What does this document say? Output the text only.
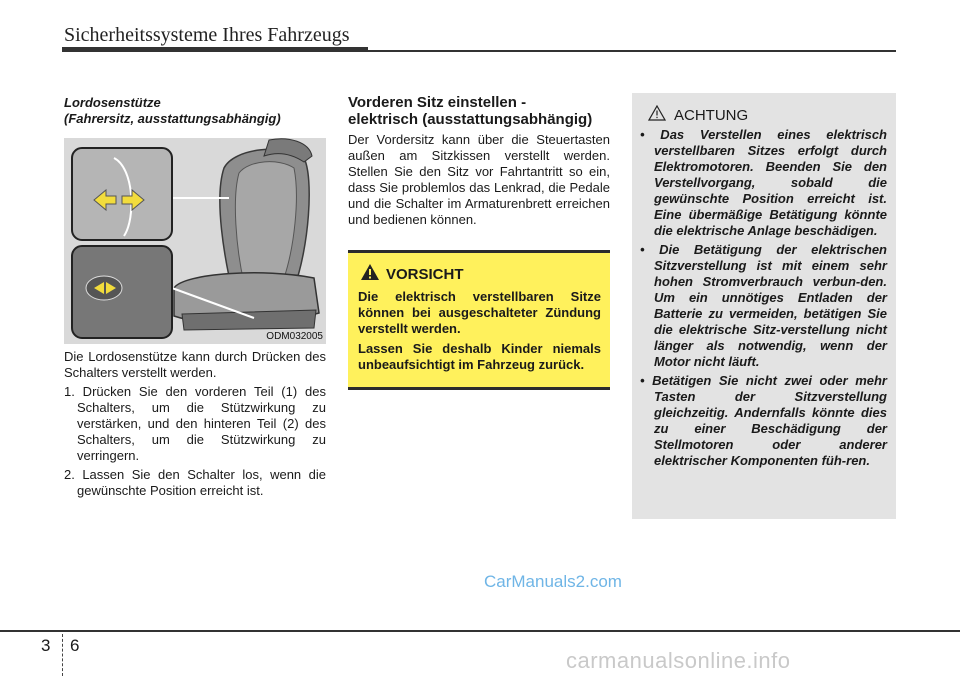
Sicherheitssysteme Ihres Fahrzeugs
Lordosenstütze
(Fahrersitz, ausstattungsabhängig)
ODM032005
Die Lordosenstütze kann durch Drücken des Schalters verstellt werden.
1. Drücken Sie den vorderen Teil (1) des Schalters, um die Stützwirkung zu verstärken, und den hinteren Teil (2) des Schalters, um die Stützwirkung zu verringern.
2. Lassen Sie den Schalter los, wenn die gewünschte Position erreicht ist.
Vorderen Sitz einstellen -
elektrisch (ausstattungsabhängig)
Der Vordersitz kann über die Steuertasten außen am Sitzkissen verstellt werden. Stellen Sie den Sitz vor Fahrtantritt so ein, dass Sie problemlos das Lenkrad, die Pedale und die Schalter im Armaturenbrett erreichen und bedienen können.
VORSICHT
Die elektrisch verstellbaren Sitze können bei ausgeschalteter Zündung verstellt werden.
Lassen Sie deshalb Kinder niemals unbeaufsichtigt im Fahrzeug zurück.
ACHTUNG
• Das Verstellen eines elektrisch verstellbaren Sitzes erfolgt durch Elektromotoren. Beenden Sie den Verstellvorgang, sobald die gewünschte Position erreicht ist. Eine übermäßige Betätigung könnte die elektrische Anlage beschädigen.
• Die Betätigung der elektrischen Sitzverstellung ist mit einem sehr hohen Stromverbrauch verbun-den. Um ein unnötiges Entladen der Batterie zu vermeiden, betätigen Sie die elektrische Sitz-verstellung nicht länger als notwendig, wenn der Motor nicht läuft.
• Betätigen Sie nicht zwei oder mehr Tasten der Sitzverstellung gleichzeitig. Andernfalls könnte dies zu einer Beschädigung der Stellmotoren oder anderer elektrischer Komponenten füh-ren.
CarManuals2.com
3 6
carmanualsonline.info
